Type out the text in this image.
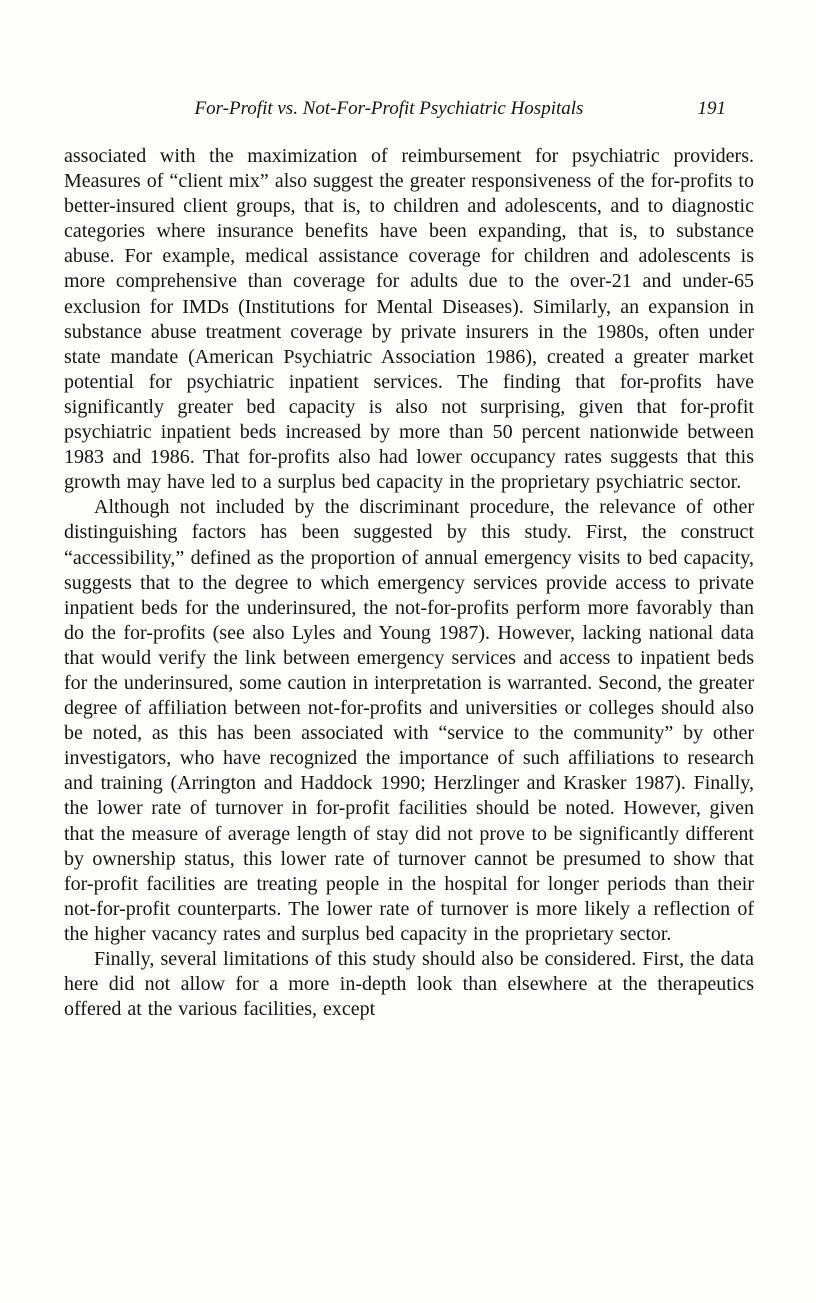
For-Profit vs. Not-For-Profit Psychiatric Hospitals	191

associated with the maximization of reimbursement for psychiatric providers. Measures of “client mix” also suggest the greater responsiveness of the for-profits to better-insured client groups, that is, to children and adolescents, and to diagnostic categories where insurance benefits have been expanding, that is, to substance abuse. For example, medical assistance coverage for children and adolescents is more comprehensive than coverage for adults due to the over-21 and under-65 exclusion for IMDs (Institutions for Mental Diseases). Similarly, an expansion in substance abuse treatment coverage by private insurers in the 1980s, often under state mandate (American Psychiatric Association 1986), created a greater market potential for psychiatric inpatient services. The finding that for-profits have significantly greater bed capacity is also not surprising, given that for-profit psychiatric inpatient beds increased by more than 50 percent nationwide between 1983 and 1986. That for-profits also had lower occupancy rates suggests that this growth may have led to a surplus bed capacity in the proprietary psychiatric sector.

Although not included by the discriminant procedure, the relevance of other distinguishing factors has been suggested by this study. First, the construct “accessibility,” defined as the proportion of annual emergency visits to bed capacity, suggests that to the degree to which emergency services provide access to private inpatient beds for the underinsured, the not-for-profits perform more favorably than do the for-profits (see also Lyles and Young 1987). However, lacking national data that would verify the link between emergency services and access to inpatient beds for the underinsured, some caution in interpretation is warranted. Second, the greater degree of affiliation between not-for-profits and universities or colleges should also be noted, as this has been associated with “service to the community” by other investigators, who have recognized the importance of such affiliations to research and training (Arrington and Haddock 1990; Herzlinger and Krasker 1987). Finally, the lower rate of turnover in for-profit facilities should be noted. However, given that the measure of average length of stay did not prove to be significantly different by ownership status, this lower rate of turnover cannot be presumed to show that for-profit facilities are treating people in the hospital for longer periods than their not-for-profit counterparts. The lower rate of turnover is more likely a reflection of the higher vacancy rates and surplus bed capacity in the proprietary sector.

Finally, several limitations of this study should also be considered. First, the data here did not allow for a more in-depth look than elsewhere at the therapeutics offered at the various facilities, except
